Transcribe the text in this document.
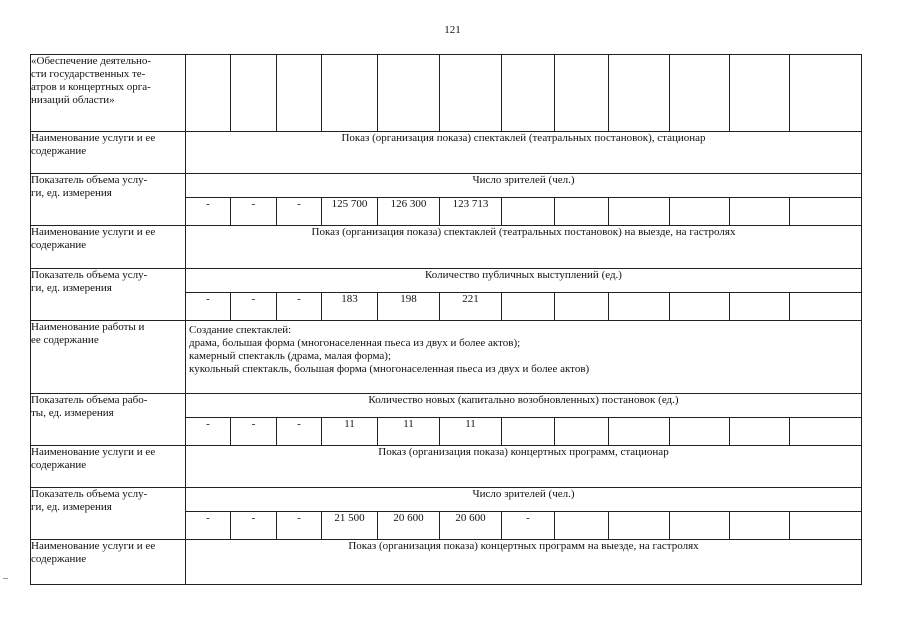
121
«Обеспечение деятельно-
сти государственных те-
атров и концертных орга-
низаций области»												
Наименование услуги и ее
содержание	Показ (организация показа) спектаклей (театральных постановок), стационар											
Показатель объема услу-
ги, ед. измерения	Число зрителей (чел.)											
	-	-	-	125 700	126 300	123 713						
Наименование услуги и ее
содержание	Показ (организация показа) спектаклей (театральных постановок) на выезде, на гастролях											
Показатель объема услу-
ги, ед. измерения	Количество публичных выступлений (ед.)											
	-	-	-	183	198	221						
Наименование работы и
ее содержание	Создание спектаклей:
драма, большая форма (многонаселенная пьеса из двух и более актов);
камерный спектакль (драма, малая форма);
кукольный спектакль, большая форма (многонаселенная пьеса из двух и более актов)											
Показатель объема рабо-
ты, ед. измерения	Количество новых (капитально возобновленных) постановок (ед.)											
	-	-	-	11	11	11						
Наименование услуги и ее
содержание	Показ (организация показа) концертных программ, стационар											
Показатель объема услу-
ги, ед. измерения	Число зрителей (чел.)											
	-	-	-	21 500	20 600	20 600	-					
Наименование услуги и ее
содержание	Показ (организация показа) концертных программ на выезде, на гастролях											
